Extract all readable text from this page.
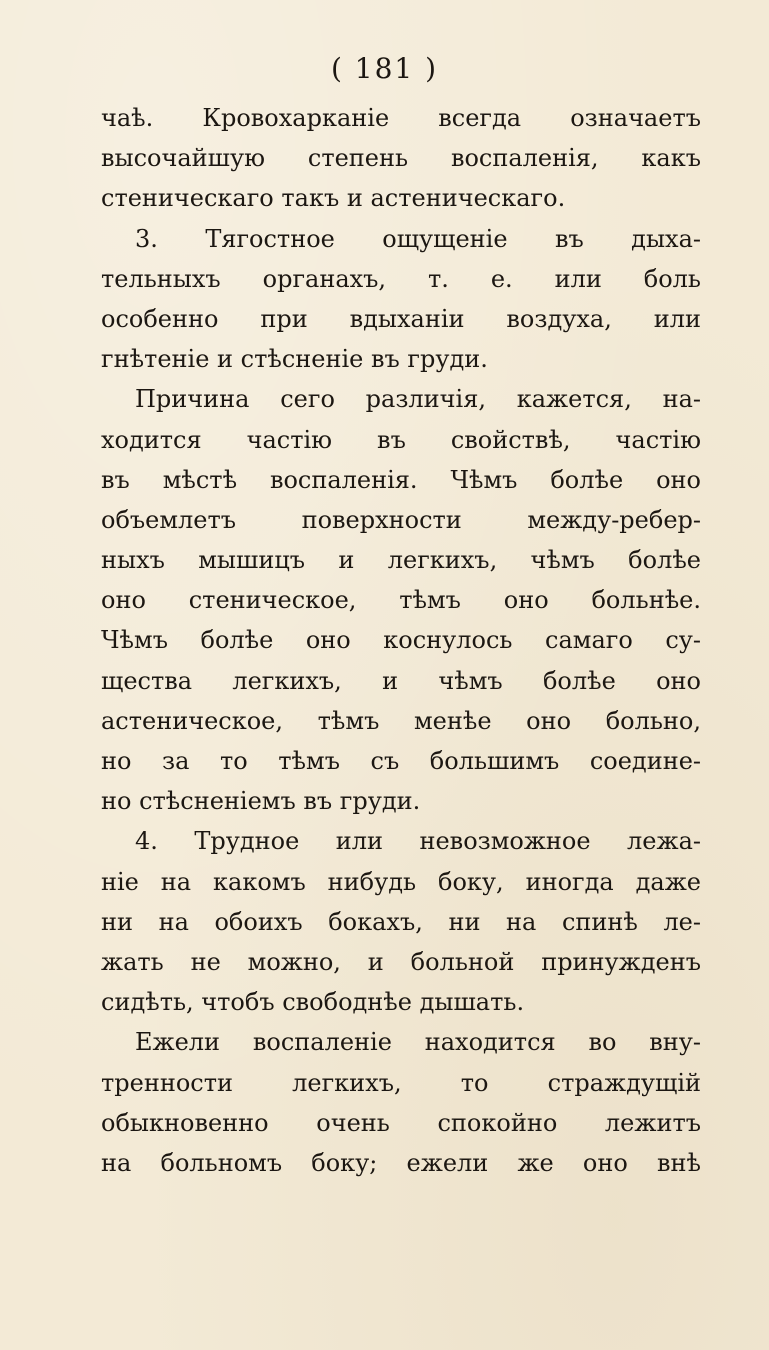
( 181 )
чаѣ. Кровохарканіе всегда означаетъ
высочайшую степень воспаленія, какъ
стеническаго такъ и астеническаго.
3. Тягостное ощущеніе въ дыха-
тельныхъ органахъ, т. е. или боль
особенно при вдыханіи воздуха, или
гнѣтеніе и стѣсненіе въ груди.
Причина сего различія, кажется, на-
ходится частію въ свойствѣ, частію
въ мѣстѣ воспаленія. Чѣмъ болѣе оно
объемлетъ поверхности между-ребер-
ныхъ мышицъ и легкихъ, чѣмъ болѣе
оно стеническое, тѣмъ оно больнѣе.
Чѣмъ болѣе оно коснулось самаго су-
щества легкихъ, и чѣмъ болѣе оно
астеническое, тѣмъ менѣе оно больно,
но за то тѣмъ съ большимъ соедине-
но стѣсненіемъ въ груди.
4. Трудное или невозможное лежа-
ніе на какомъ нибудь боку, иногда даже
ни на обоихъ бокахъ, ни на спинѣ ле-
жать не можно, и больной принужденъ
сидѣть, чтобъ свободнѣе дышать.
Ежели воспаленіе находится во вну-
тренности легкихъ, то страждущій
обыкновенно очень спокойно лежитъ
на больномъ боку; ежели же оно внѣ
